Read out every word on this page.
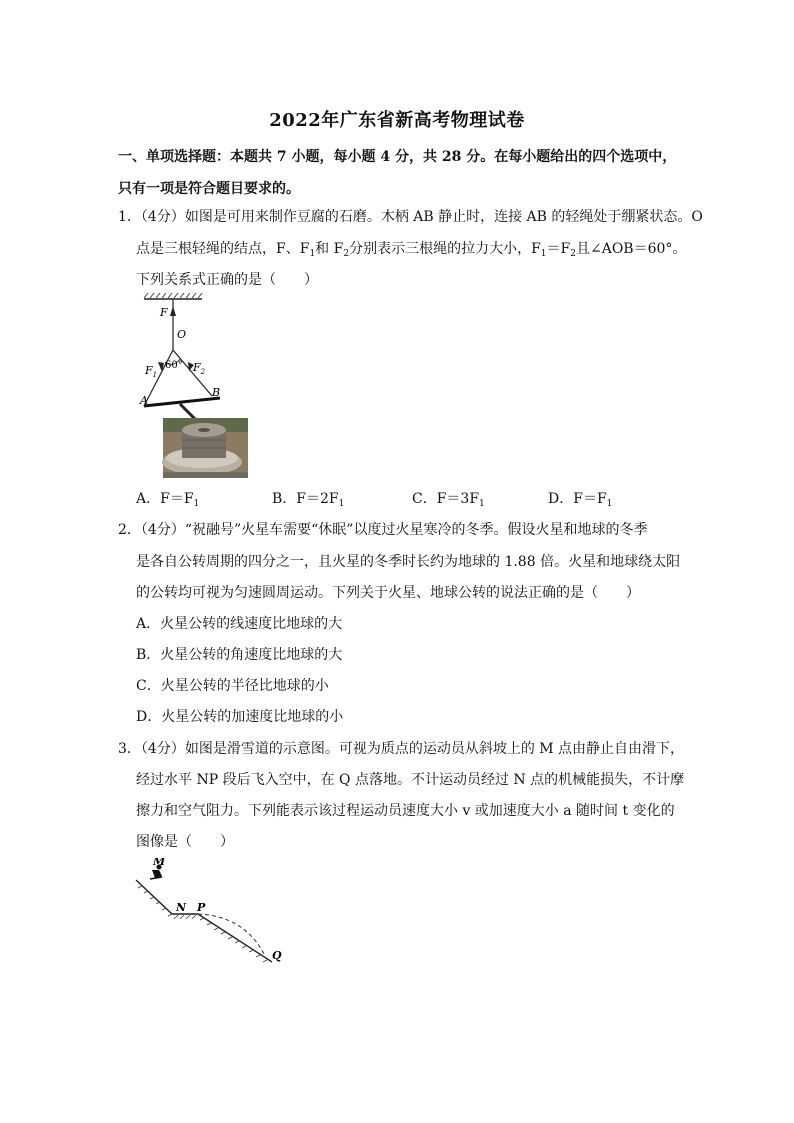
2022年广东省新高考物理试卷
一、单项选择题：本题共 7 小题，每小题 4 分，共 28 分。在每小题给出的四个选项中，
只有一项是符合题目要求的。
1．（4分）如图是可用来制作豆腐的石磨。木柄 AB 静止时，连接 AB 的轻绳处于绷紧状态。O
点是三根轻绳的结点，F、$F_1$和 $F_2$分别表示三根绳的拉力大小，$F_1=F_2$且∠AOB＝60°。
下列关系式正确的是（　　）
F
O
60°
$F_1$
$F_2$
A
B
A．$F=F_1$	B．$F=2F_1$	C．$F=3F_1$	D．$F=F_1$
2．（4分）“祝融号”火星车需要“休眠”以度过火星寒冷的冬季。假设火星和地球的冬季
是各自公转周期的四分之一，且火星的冬季时长约为地球的 1.88 倍。火星和地球绕太阳
的公转均可视为匀速圆周运动。下列关于火星、地球公转的说法正确的是（　　）
A．火星公转的线速度比地球的大
B．火星公转的角速度比地球的大
C．火星公转的半径比地球的小
D．火星公转的加速度比地球的小
3．（4分）如图是滑雪道的示意图。可视为质点的运动员从斜坡上的 M 点由静止自由滑下，
经过水平 NP 段后飞入空中，在 Q 点落地。不计运动员经过 N 点的机械能损失，不计摩
擦力和空气阻力。下列能表示该过程运动员速度大小 v 或加速度大小 a 随时间 t 变化的
图像是（　　）
M
N P
Q
